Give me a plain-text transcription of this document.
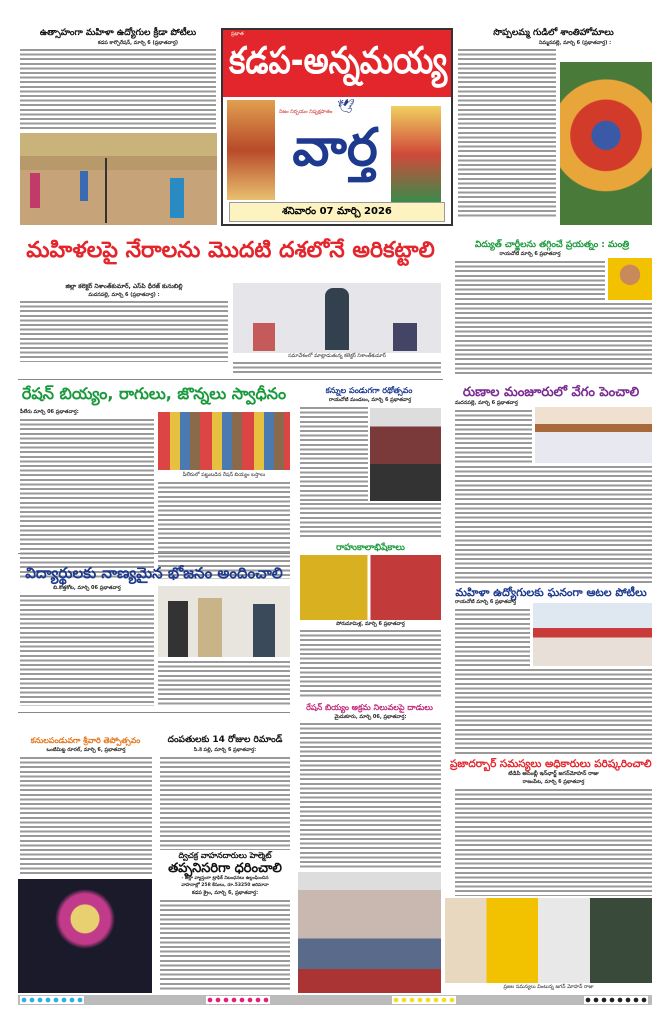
ఉత్సాహంగా మహిళా ఉద్యోగుల క్రీడా పోటీలు
కడప కార్పొరేషన్, మార్చి 6 (ప్రభాతవార్త)
ప్రభాత
కడప-అన్నమయ్య
నిజం నిర్భయం నిష్పక్షపాతం 🕊
వార్త
శనివారం 07 మార్చి 2026
సొప్పలమ్మ గుడిలో శాంతిహోమాలు
నిమ్మనపల్లె, మార్చి 6 (ప్రభాతవార్త) :
మహిళలపై నేరాలను మొదటి దశలోనే అరికట్టాలి
జిల్లా కలెక్టర్ నిశాంత్‌కుమార్, ఎస్‌పి ధీరజ్ కునుబిల్లి
మదనపల్లె, మార్చి 6 (ప్రభాతవార్త) :
సమావేశంలో మాట్లాడుతున్న కలెక్టర్ నిశాంత్‌కుమార్
విద్యుత్ చార్జీలను తగ్గించే ప్రయత్నం : మంత్రి
రాయచోటి మార్చి 6 ప్రభాతవార్త
రేషన్ బియ్యం, రాగులు, జొన్నలు స్వాధీనం
పీలేరు మార్చి 06 ప్రభాతవార్త:
పీలేరులో పట్టుబడిన రేషన్ బియ్యం బస్తాలు
కన్నుల పండుగగా రథోత్సవం
రాయచోటి మండలం, మార్చి 6 ప్రభాతవార్త	రుణాల మంజూరులో వేగం పెంచాలి
మదనపల్లె, మార్చి 6 ప్రభాతవార్త
విద్యార్థులకు నాణ్యమైన భోజనం అందించాలి
బి.కొత్తకోట, మార్చి 06 ప్రభాతవార్త
రాహుకాలాభిషేకాలు
పోరుమామిళ్ల, మార్చి 6 ప్రభాతవార్త
మహిళా ఉద్యోగులకు ఘనంగా ఆటల పోటీలు
రాయచోటి మార్చి 6 ప్రభాతవార్త
రేషన్ బియ్యం అక్రమ నిలువలపై దాడులు
మైదుకూరు, మార్చి 06, ప్రభాతవార్త:
కనులపండువగా శ్రీవారి తెప్పోత్సవం
ఒంటిమిట్ట రూరల్, మార్చి 6, ప్రభాతవార్త
దంపతులకు 14 రోజుల రిమాండ్
సి.కె పల్లి, మార్చి 6 ప్రభాతవార్త:
ద్విచక్ర వాహనదారులు హెల్మెట్
తప్పనిసరిగా ధరించాలి
- జిల్లా వ్యాప్తంగా ట్రాఫిక్ నిబంధనలు ఉల్లంఘించిన
వాహనాల్లో 258 కేసులు, రూ.53250 జరిమానా
కడప క్రైం, మార్చి 6, ప్రభాతవార్త:
ప్రజాదర్బార్ సమస్యలు అధికారులు పరిష్కరించాలి
టిడిపి అసెంబ్లీ ఇన్‌ఛార్జ్ జగన్‌మోహన్ రాజు
రాజంపేట, మార్చి 6 ప్రభాతవార్త
ప్రజల సమస్యలు వింటున్న జగన్ మోహన్ రాజు
